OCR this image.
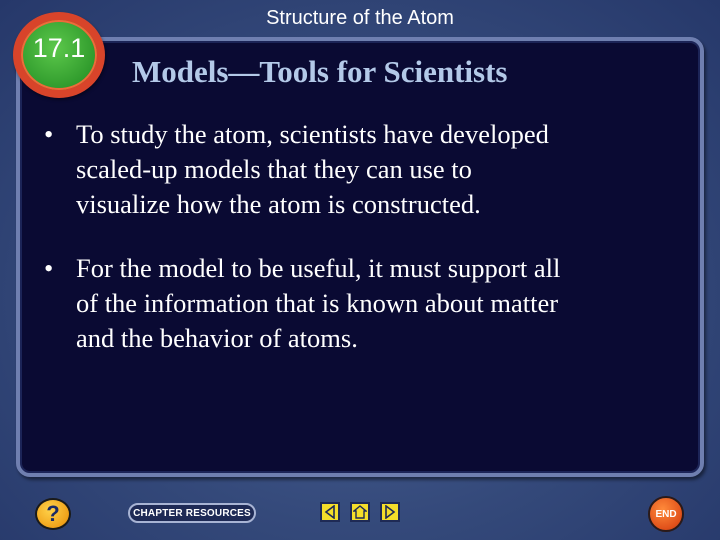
Structure of the Atom
17.1
Models—Tools for Scientists
• To study the atom, scientists have developed
scaled-up models that they can use to
visualize how the atom is constructed.
• For the model to be useful, it must support all
of the information that is known about matter
and the behavior of atoms.
?	CHAPTER RESOURCES	END
